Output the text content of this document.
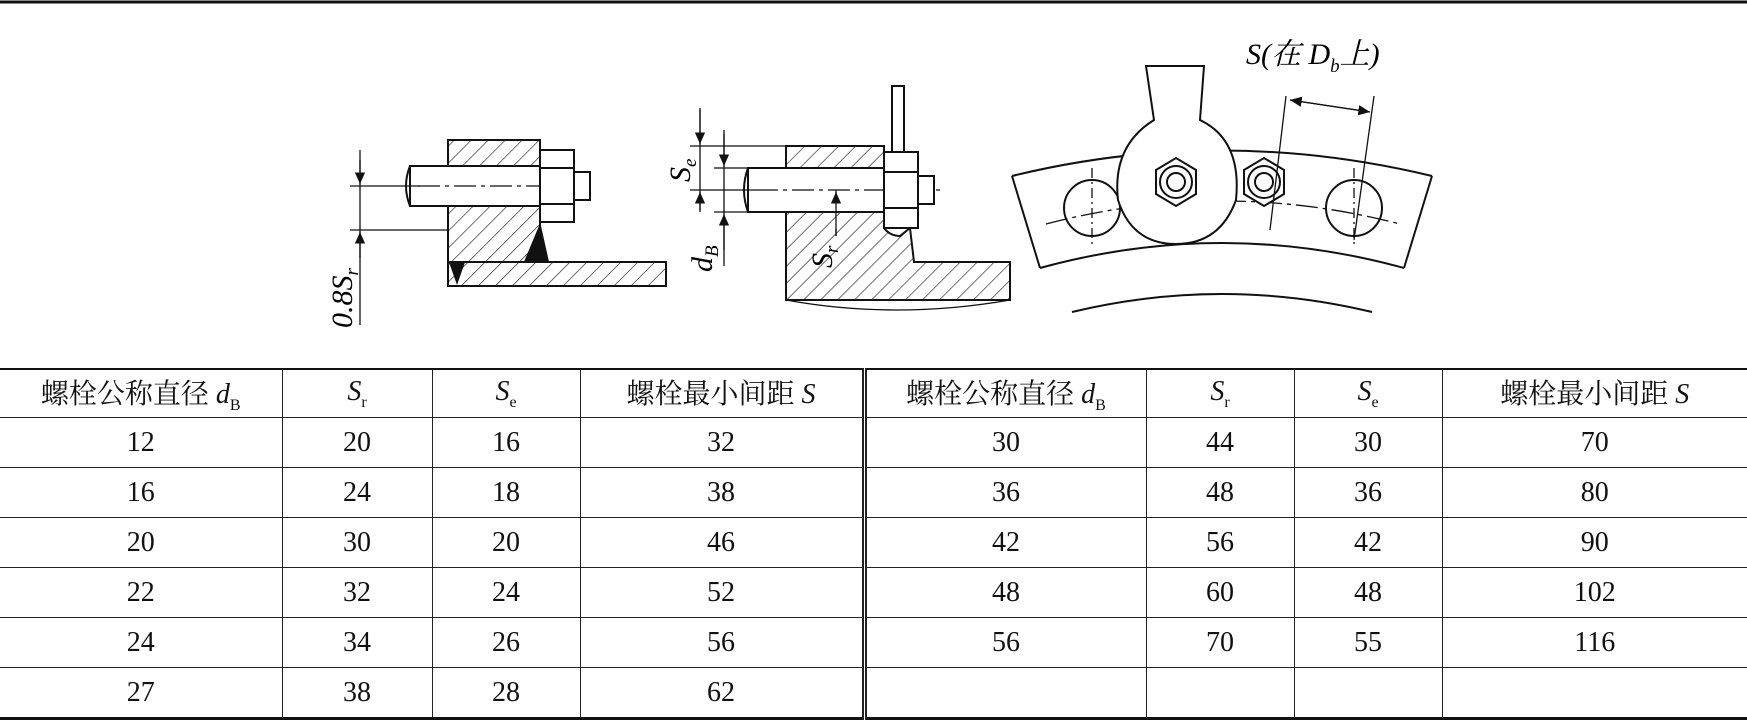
$0.8S_r$
$S_e$
$d_B$
$S_r$
S(在 $D_b$上)
螺栓公称直径 $d_B$	$S_r$	$S_e$	螺栓最小间距 S	螺栓公称直径 $d_B$	$S_r$	$S_e$	螺栓最小间距 S
12	20	16	32	30	44	30	70
16	24	18	38	36	48	36	80
20	30	20	46	42	56	42	90
22	32	24	52	48	60	48	102
24	34	26	56	56	70	55	116
27	38	28	62				
